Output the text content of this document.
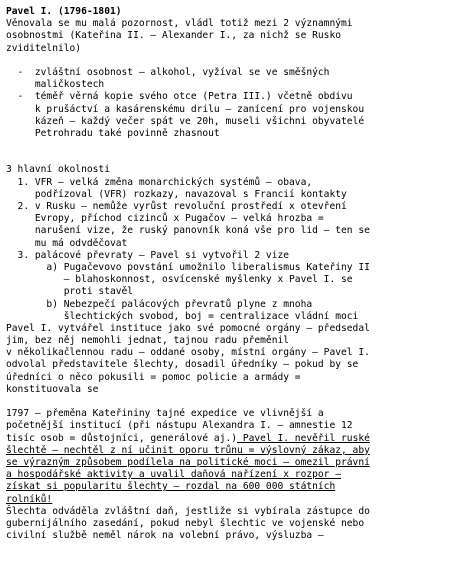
Pavel I. (1796-1801)
Věnovala se mu malá pozornost, vládl totiž mezi 2 významnými
osobnostmi (Kateřina II. – Alexander I., za nichž se Rusko
zviditelnilo)
-  zvláštní osobnost – alkohol, vyžíval se ve směšných
maličkostech
-  téměř věrná kopie svého otce (Petra III.) včetně obdivu
k prušáctví a kasárenskému drilu – zanícení pro vojenskou
kázeň – každý večer spát ve 20h, museli všichni obyvatelé
Petrohradu také povinně zhasnout
3 hlavní okolnosti
1. VFR – velká změna monarchických systémů – obava,
podřízoval (VFR) rozkazy, navazoval s Francií kontakty
2. v Rusku – nemůže vyrůst revoluční prostředí x otevření
Evropy, příchod cizinců x Pugačov – velká hrozba =
narušení vize, že ruský panovník koná vše pro lid – ten se
mu má odvděčovat
3. palácové převraty – Pavel si vytvořil 2 vize
a) Pugačevovo povstání umožnilo liberalismus Kateřiny II
– blahoskonnost, osvícenské myšlenky x Pavel I. se
proti stavěl
b) Nebezpečí palácových převratů plyne z mnoha
šlechtických svobod, boj = centralizace vládní moci
Pavel I. vytvářel instituce jako své pomocné orgány – předsedal
jim, bez něj nemohli jednat, tajnou radu přeměnil
v několikačlennou radu – oddané osoby, místní orgány – Pavel I.
odvolal představitele šlechty, dosadil úředníky – pokud by se
úředníci o něco pokusili = pomoc policie a armády =
konstituovala se
1797 – přeměna Kateřininy tajné expedice ve vlivnější a
početnější institucí (při nástupu Alexandra I. – amnestie 12
tisíc osob = důstojníci, generálové aj.) Pavel I. nevěřil ruské
šlechtě – nechtěl z ní učinit oporu trůnu = výslovný zákaz, aby
se výrazným způsobem podílela na politické moci – omezil právní
a hospodářské aktivity a uvalil daňová nařízení x rozpor –
získat si popularitu šlechty – rozdal na 600 000 státních
rolníků!
Šlechta odváděla zvláštní daň, jestliže si vybírala zástupce do
gubernijálního zasedání, pokud nebyl šlechtic ve vojenské nebo
civilní službě neměl nárok na volební právo, výsluzba –
